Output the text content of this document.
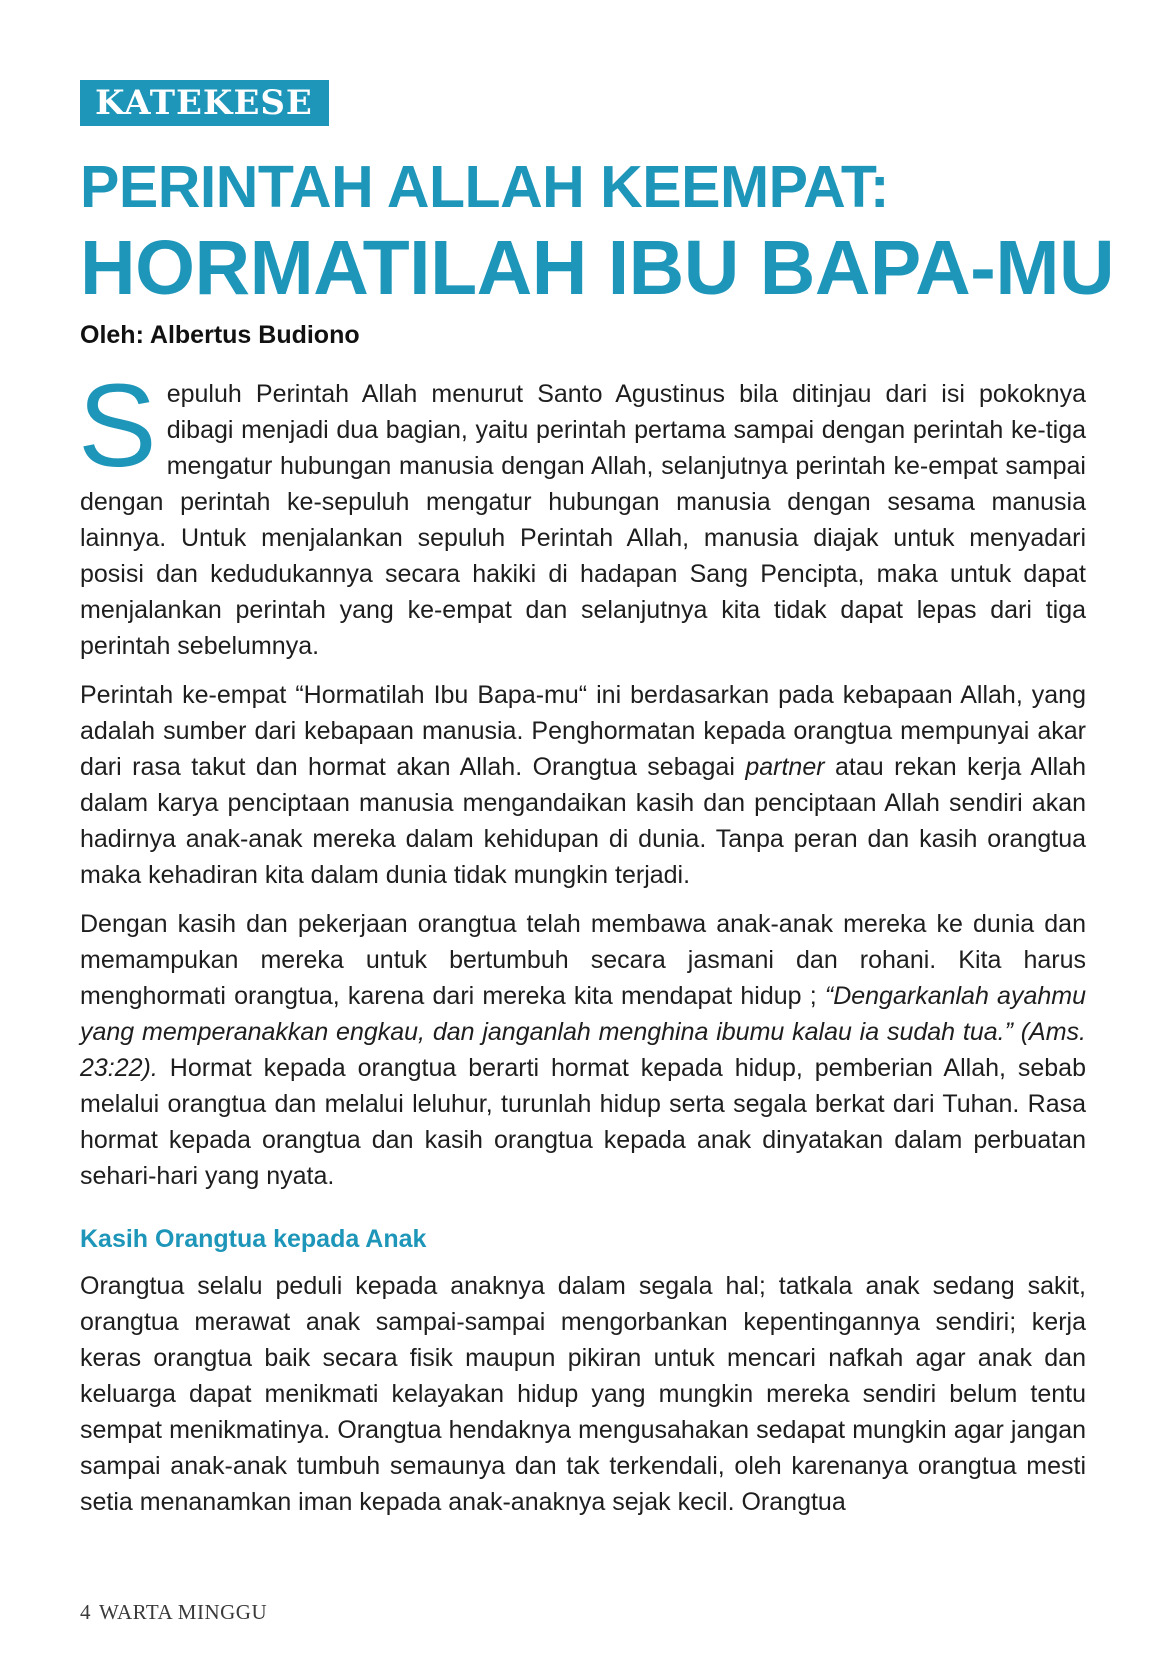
KATEKESE
PERINTAH ALLAH KEEMPAT:
HORMATILAH IBU BAPA-MU

Oleh: Albertus Budiono

Sepuluh Perintah Allah menurut Santo Agustinus bila ditinjau dari isi pokoknya dibagi menjadi dua bagian, yaitu perintah pertama sampai dengan perintah ke-tiga mengatur hubungan manusia dengan Allah, selanjutnya perintah ke-empat sampai dengan perintah ke-sepuluh mengatur hubungan manusia dengan sesama manusia lainnya. Untuk menjalankan sepuluh Perintah Allah, manusia diajak untuk menyadari posisi dan kedudukannya secara hakiki di hadapan Sang Pencipta, maka untuk dapat menjalankan perintah yang ke-empat dan selanjutnya kita tidak dapat lepas dari tiga perintah sebelumnya.

Perintah ke-empat “Hormatilah Ibu Bapa-mu“ ini berdasarkan pada kebapaan Allah, yang adalah sumber dari kebapaan manusia. Penghormatan kepada orangtua mempunyai akar dari rasa takut dan hormat akan Allah. Orangtua sebagai partner atau rekan kerja Allah dalam karya penciptaan manusia mengandaikan kasih dan penciptaan Allah sendiri akan hadirnya anak-anak mereka dalam kehidupan di dunia. Tanpa peran dan kasih orangtua maka kehadiran kita dalam dunia tidak mungkin terjadi.

Dengan kasih dan pekerjaan orangtua telah membawa anak-anak mereka ke dunia dan memampukan mereka untuk bertumbuh secara jasmani dan rohani. Kita harus menghormati orangtua, karena dari mereka kita mendapat hidup ; “Dengarkanlah ayahmu yang memperanakkan engkau, dan janganlah menghina ibumu kalau ia sudah tua.” (Ams. 23:22). Hormat kepada orangtua berarti hormat kepada hidup, pemberian Allah, sebab melalui orangtua dan melalui leluhur, turunlah hidup serta segala berkat dari Tuhan. Rasa hormat kepada orangtua dan kasih orangtua kepada anak dinyatakan dalam perbuatan sehari-hari yang nyata.

Kasih Orangtua kepada Anak

Orangtua selalu peduli kepada anaknya dalam segala hal; tatkala anak sedang sakit, orangtua merawat anak sampai-sampai mengorbankan kepentingannya sendiri; kerja keras orangtua baik secara fisik maupun pikiran untuk mencari nafkah agar anak dan keluarga dapat menikmati kelayakan hidup yang mungkin mereka sendiri belum tentu sempat menikmatinya. Orangtua hendaknya mengusahakan sedapat mungkin agar jangan sampai anak-anak tumbuh semaunya dan tak terkendali, oleh karenanya orangtua mesti setia menanamkan iman kepada anak-anaknya sejak kecil. Orangtua

4 WARTA MINGGU
